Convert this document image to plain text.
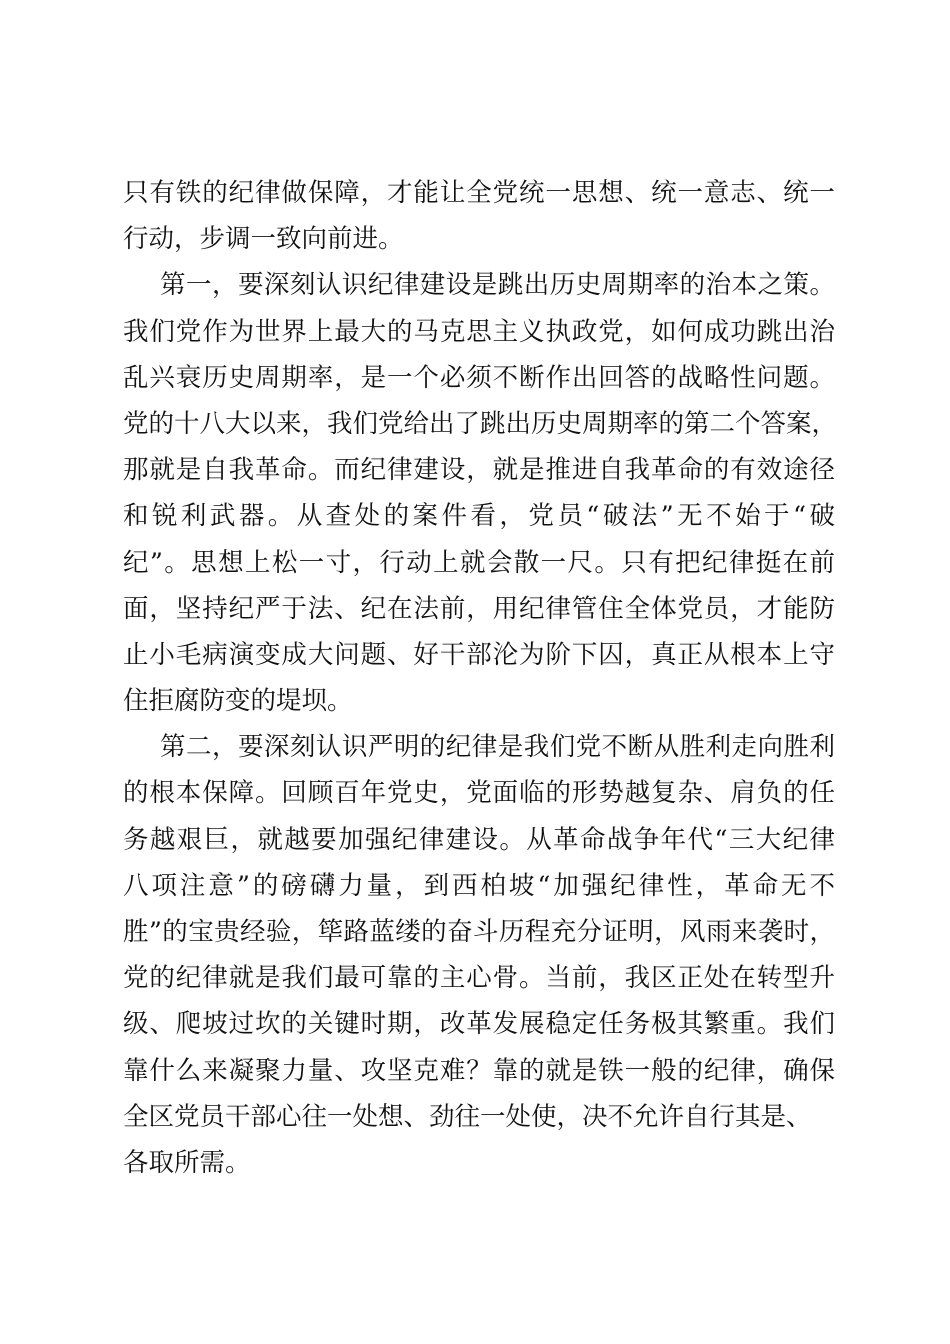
只有铁的纪律做保障，才能让全党统一思想、统一意志、统一
行动，步调一致向前进。
第一，要深刻认识纪律建设是跳出历史周期率的治本之策。
我们党作为世界上最大的马克思主义执政党，如何成功跳出治
乱兴衰历史周期率，是一个必须不断作出回答的战略性问题。
党的十八大以来，我们党给出了跳出历史周期率的第二个答案，
那就是自我革命。而纪律建设，就是推进自我革命的有效途径
和锐利武器。从查处的案件看，党员“破法”无不始于“破
纪”。思想上松一寸，行动上就会散一尺。只有把纪律挺在前
面，坚持纪严于法、纪在法前，用纪律管住全体党员，才能防
止小毛病演变成大问题、好干部沦为阶下囚，真正从根本上守
住拒腐防变的堤坝。
第二，要深刻认识严明的纪律是我们党不断从胜利走向胜利
的根本保障。回顾百年党史，党面临的形势越复杂、肩负的任
务越艰巨，就越要加强纪律建设。从革命战争年代“三大纪律
八项注意”的磅礴力量，到西柏坡“加强纪律性，革命无不
胜”的宝贵经验，筚路蓝缕的奋斗历程充分证明，风雨来袭时，
党的纪律就是我们最可靠的主心骨。当前，我区正处在转型升
级、爬坡过坎的关键时期，改革发展稳定任务极其繁重。我们
靠什么来凝聚力量、攻坚克难？靠的就是铁一般的纪律，确保
全区党员干部心往一处想、劲往一处使，决不允许自行其是、
各取所需。
